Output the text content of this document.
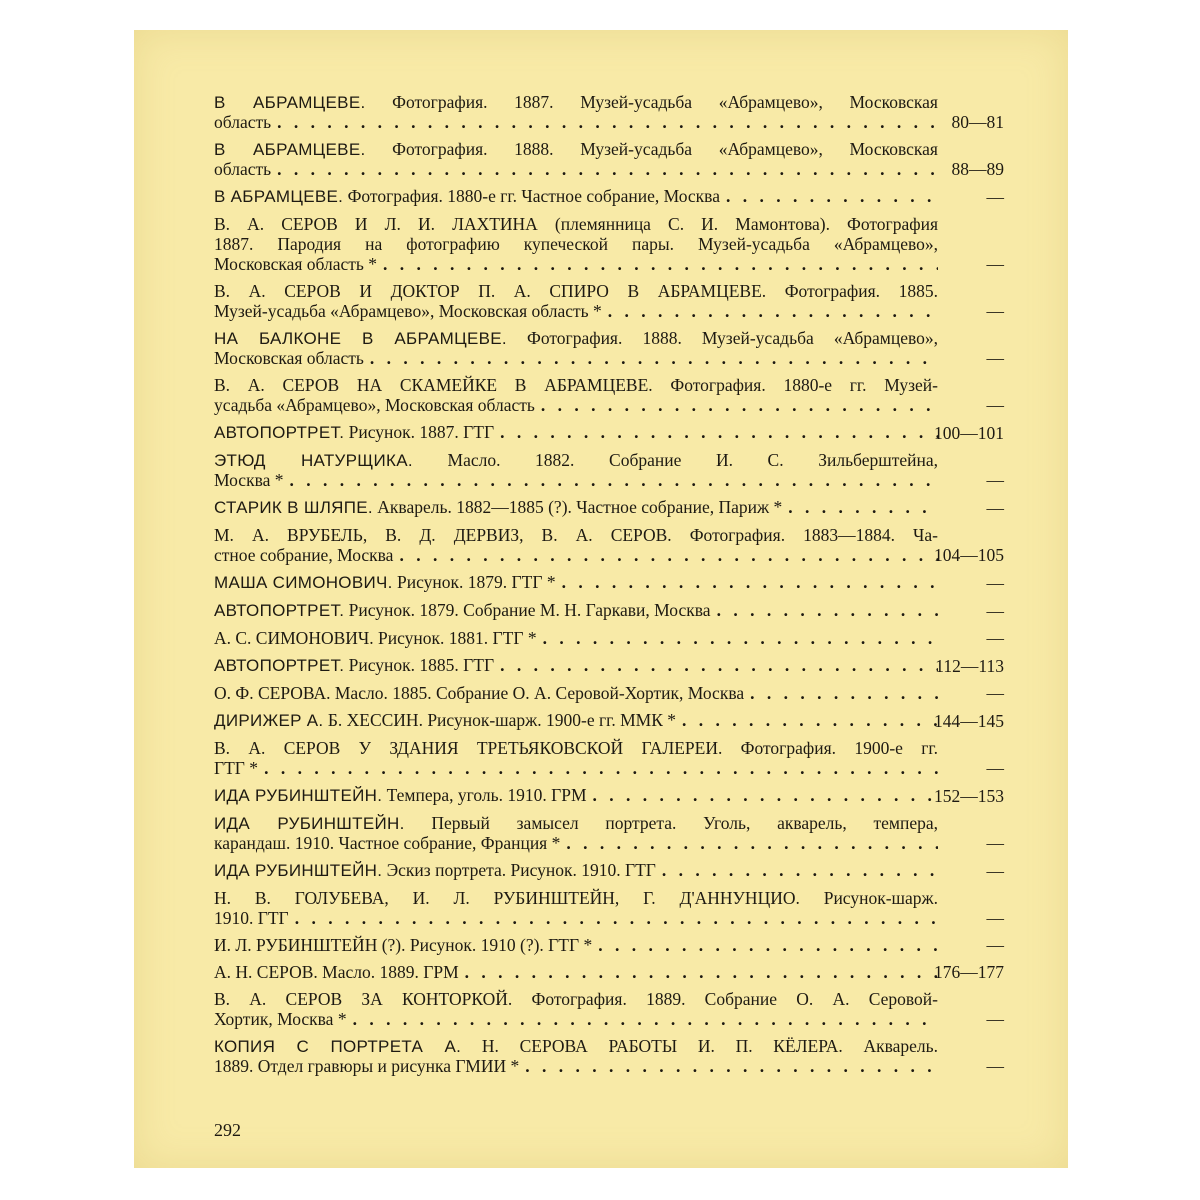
В АБРАМЦЕВЕ. Фотография. 1887. Музей-усадьба «Абрамцево», Московская
область . . .	80—81
В АБРАМЦЕВЕ. Фотография. 1888. Музей-усадьба «Абрамцево», Московская
область . . .	88—89
В АБРАМЦЕВЕ. Фотография. 1880-е гг. Частное собрание, Москва . . .	—
В. А. СЕРОВ И Л. И. ЛАХТИНА (племянница С. И. Мамонтова). Фотография
1887. Пародия на фотографию купеческой пары. Музей-усадьба «Абрамцево»,
Московская область * . . .	—
В. А. СЕРОВ И ДОКТОР П. А. СПИРО В АБРАМЦЕВЕ. Фотография. 1885.
Музей-усадьба «Абрамцево», Московская область * . . .	—
НА БАЛКОНЕ В АБРАМЦЕВЕ. Фотография. 1888. Музей-усадьба «Абрамцево»,
Московская область . . .	—
В. А. СЕРОВ НА СКАМЕЙКЕ В АБРАМЦЕВЕ. Фотография. 1880-е гг. Музей-
усадьба «Абрамцево», Московская область . . .	—
АВТОПОРТРЕТ. Рисунок. 1887. ГТГ . . .	100—101
ЭТЮД НАТУРЩИКА. Масло. 1882. Собрание И. С. Зильберштейна,
Москва * . . .	—
СТАРИК В ШЛЯПЕ. Акварель. 1882—1885 (?). Частное собрание, Париж * . . .	—
М. А. ВРУБЕЛЬ, В. Д. ДЕРВИЗ, В. А. СЕРОВ. Фотография. 1883—1884. Ча-
стное собрание, Москва . . .	104—105
МАША СИМОНОВИЧ. Рисунок. 1879. ГТГ * . . .	—
АВТОПОРТРЕТ. Рисунок. 1879. Собрание М. Н. Гаркави, Москва . . .	—
А. С. СИМОНОВИЧ. Рисунок. 1881. ГТГ * . . .	—
АВТОПОРТРЕТ. Рисунок. 1885. ГТГ . . .	112—113
О. Ф. СЕРОВА. Масло. 1885. Собрание О. А. Серовой-Хортик, Москва . . .	—
ДИРИЖЕР А. Б. ХЕССИН. Рисунок-шарж. 1900-е гг. ММК * . . .	144—145
В. А. СЕРОВ У ЗДАНИЯ ТРЕТЬЯКОВСКОЙ ГАЛЕРЕИ. Фотография. 1900-е гг.
ГТГ * . . .	—
ИДА РУБИНШТЕЙН. Темпера, уголь. 1910. ГРМ . . .	152—153
ИДА РУБИНШТЕЙН. Первый замысел портрета. Уголь, акварель, темпера,
карандаш. 1910. Частное собрание, Франция * . . .	—
ИДА РУБИНШТЕЙН. Эскиз портрета. Рисунок. 1910. ГТГ . . .	—
Н. В. ГОЛУБЕВА, И. Л. РУБИНШТЕЙН, Г. Д'АННУНЦИО. Рисунок-шарж.
1910. ГТГ . . .	—
И. Л. РУБИНШТЕЙН (?). Рисунок. 1910 (?). ГТГ * . . .	—
А. Н. СЕРОВ. Масло. 1889. ГРМ . . .	176—177
В. А. СЕРОВ ЗА КОНТОРКОЙ. Фотография. 1889. Собрание О. А. Серовой-
Хортик, Москва * . . .	—
КОПИЯ С ПОРТРЕТА А. Н. СЕРОВА РАБОТЫ И. П. КЁЛЕРА. Акварель.
1889. Отдел гравюры и рисунка ГМИИ * . . .	—
292
